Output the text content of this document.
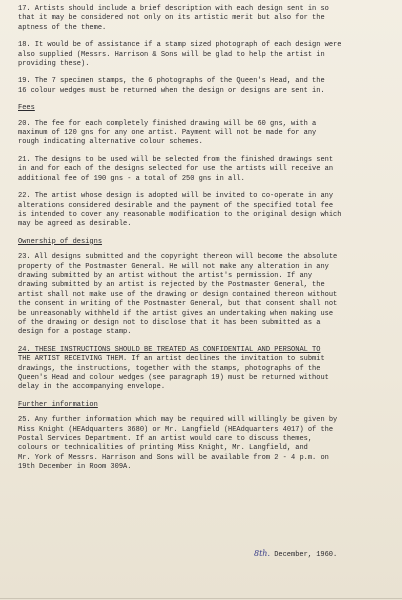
17. Artists should include a brief description with each design sent in so
that it may be considered not only on its artistic merit but also for the
aptness of the theme.
18. It would be of assistance if a stamp sized photograph of each design were
also supplied (Messrs. Harrison & Sons will be glad to help the artist in
providing these).
19. The 7 specimen stamps, the 6 photographs of the Queen's Head, and the
16 colour wedges must be returned when the design or designs are sent in.
Fees
20. The fee for each completely finished drawing will be 60 gns, with a
maximum of 120 gns for any one artist. Payment will not be made for any
rough indicating alternative colour schemes.
21. The designs to be used will be selected from the finished drawings sent
in and for each of the designs selected for use the artists will receive an
additional fee of 190 gns - a total of 250 gns in all.
22. The artist whose design is adopted will be invited to co-operate in any
alterations considered desirable and the payment of the specified total fee
is intended to cover any reasonable modification to the original design which
may be agreed as desirable.
Ownership of designs
23. All designs submitted and the copyright thereon will become the absolute
property of the Postmaster General. He will not make any alteration in any
drawing submitted by an artist without the artist's permission. If any
drawing submitted by an artist is rejected by the Postmaster General, the
artist shall not make use of the drawing or design contained thereon without
the consent in writing of the Postmaster General, but that consent shall not
be unreasonably withheld if the artist gives an undertaking when making use
of the drawing or design not to disclose that it has been submitted as a
design for a postage stamp.
24. THESE INSTRUCTIONS SHOULD BE TREATED AS CONFIDENTIAL AND PERSONAL TO
THE ARTIST RECEIVING THEM. If an artist declines the invitation to submit
drawings, the instructions, together with the stamps, photographs of the
Queen's Head and colour wedges (see paragraph 19) must be returned without
delay in the accompanying envelope.
Further information
25. Any further information which may be required will willingly be given by
Miss Knight (HEAdquarters 3680) or Mr. Langfield (HEAdquarters 4017) of the
Postal Services Department. If an artist would care to discuss themes,
colours or technicalities of printing Miss Knight, Mr. Langfield, and
Mr. York of Messrs. Harrison and Sons will be available from 2 - 4 p.m. on
19th December in Room 309A.
8th. December, 1960.
